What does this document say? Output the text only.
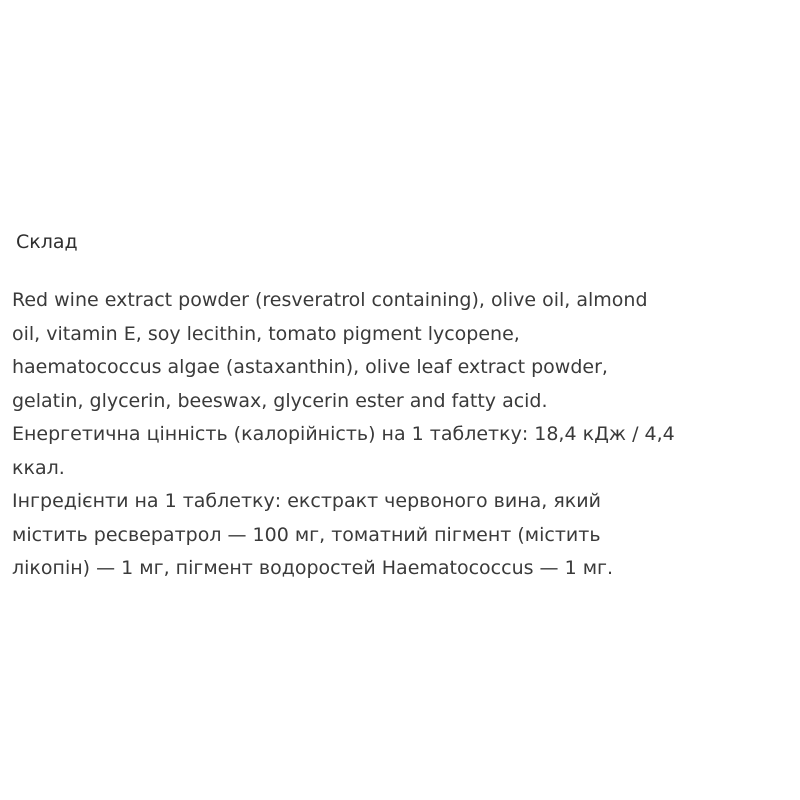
Склад

Red wine extract powder (resveratrol containing), olive oil, almond
oil, vitamin E, soy lecithin, tomato pigment lycopene,
haematococcus algae (astaxanthin), olive leaf extract powder,
gelatin, glycerin, beeswax, glycerin ester and fatty acid.
Енергетична цінність (калорійність) на 1 таблетку: 18,4 кДж / 4,4
ккал.
Інгредієнти на 1 таблетку: екстракт червоного вина, який
містить ресвератрол — 100 мг, томатний пігмент (містить
лікопін) — 1 мг, пігмент водоростей Haematococcus — 1 мг.
